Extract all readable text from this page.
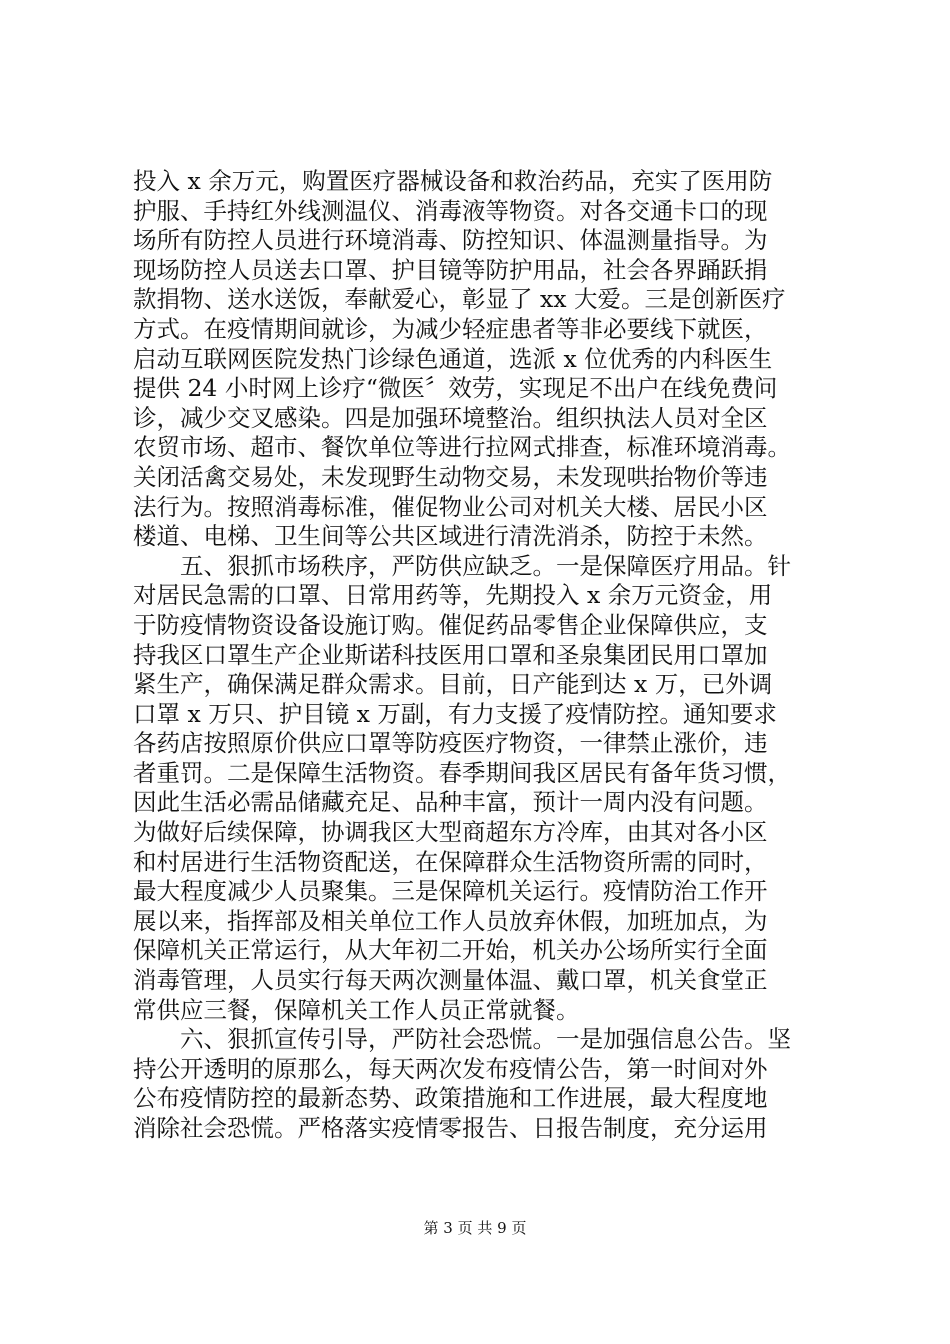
投入 x 余万元，购置医疗器械设备和救治药品，充实了医用防
护服、手持红外线测温仪、消毒液等物资。对各交通卡口的现
场所有防控人员进行环境消毒、防控知识、体温测量指导。为
现场防控人员送去口罩、护目镜等防护用品，社会各界踊跃捐
款捐物、送水送饭，奉献爱心，彰显了 xx 大爱。三是创新医疗
方式。在疫情期间就诊，为减少轻症患者等非必要线下就医，
启动互联网医院发热门诊绿色通道，选派 x 位优秀的内科医生
提供 24 小时网上诊疗“微医〞效劳，实现足不出户在线免费问
诊，减少交叉感染。四是加强环境整治。组织执法人员对全区
农贸市场、超市、餐饮单位等进行拉网式排查，标准环境消毒。
关闭活禽交易处，未发现野生动物交易，未发现哄抬物价等违
法行为。按照消毒标准，催促物业公司对机关大楼、居民小区
楼道、电梯、卫生间等公共区域进行清洗消杀，防控于未然。
五、狠抓市场秩序，严防供应缺乏。一是保障医疗用品。针
对居民急需的口罩、日常用药等，先期投入 x 余万元资金，用
于防疫情物资设备设施订购。催促药品零售企业保障供应，支
持我区口罩生产企业斯诺科技医用口罩和圣泉集团民用口罩加
紧生产，确保满足群众需求。目前，日产能到达 x 万，已外调
口罩 x 万只、护目镜 x 万副，有力支援了疫情防控。通知要求
各药店按照原价供应口罩等防疫医疗物资，一律禁止涨价，违
者重罚。二是保障生活物资。春季期间我区居民有备年货习惯，
因此生活必需品储藏充足、品种丰富，预计一周内没有问题。
为做好后续保障，协调我区大型商超东方冷库，由其对各小区
和村居进行生活物资配送，在保障群众生活物资所需的同时，
最大程度减少人员聚集。三是保障机关运行。疫情防治工作开
展以来，指挥部及相关单位工作人员放弃休假，加班加点，为
保障机关正常运行，从大年初二开始，机关办公场所实行全面
消毒管理，人员实行每天两次测量体温、戴口罩，机关食堂正
常供应三餐，保障机关工作人员正常就餐。
六、狠抓宣传引导，严防社会恐慌。一是加强信息公告。坚
持公开透明的原那么，每天两次发布疫情公告，第一时间对外
公布疫情防控的最新态势、政策措施和工作进展，最大程度地
消除社会恐慌。严格落实疫情零报告、日报告制度，充分运用
第 3 页 共 9 页
